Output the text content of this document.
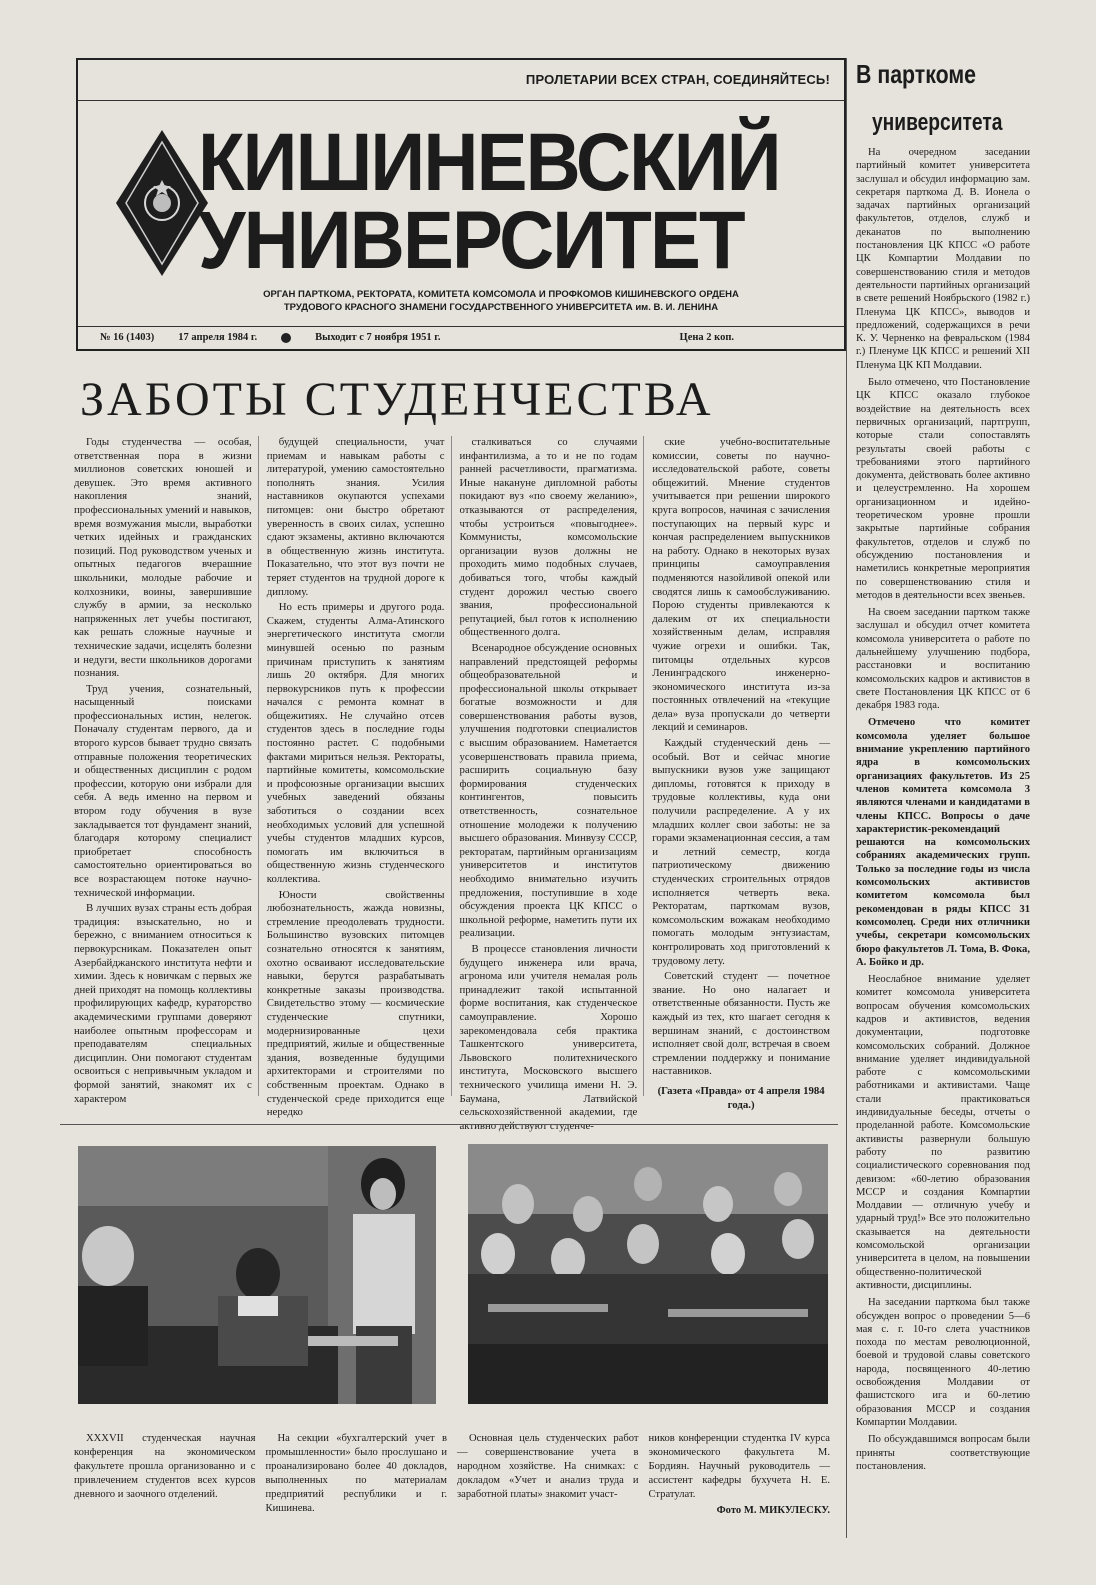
ПРОЛЕТАРИИ ВСЕХ СТРАН, СОЕДИНЯЙТЕСЬ!
КИШИНЕВСКИЙ
УНИВЕРСИТЕТ
ОРГАН ПАРТКОМА, РЕКТОРАТА, КОМИТЕТА КОМСОМОЛА И ПРОФКОМОВ КИШИНЕВСКОГО ОРДЕНА
ТРУДОВОГО КРАСНОГО ЗНАМЕНИ ГОСУДАРСТВЕННОГО УНИВЕРСИТЕТА им. В. И. ЛЕНИНА
№ 16 (1403) 17 апреля 1984 г.	Выходит с 7 ноября 1951 г.	Цена 2 коп.
ЗАБОТЫ СТУДЕНЧЕСТВА

Годы студенчества — особая, ответственная пора в жизни миллионов советских юношей и девушек. Это время активного накопления знаний, профессиональных умений и навыков, время возмужания мысли, выработки четких идейных и гражданских позиций. Под руководством ученых и опытных педагогов вчерашние школьники, молодые рабочие и колхозники, воины, завершившие службу в армии, за несколько напряженных лет учебы постигают, как решать сложные научные и технические задачи, исцелять болезни и недуги, вести школьников дорогами познания.

Труд учения, сознательный, насыщенный поисками профессиональных истин, нелегок. Поначалу студентам первого, да и второго курсов бывает трудно связать отправные положения теоретических и общественных дисциплин с родом профессии, которую они избрали для себя. А ведь именно на первом и втором году обучения в вузе закладывается тот фундамент знаний, благодаря которому специалист приобретает способность самостоятельно ориентироваться во все возрастающем потоке научно-технической информации.

В лучших вузах страны есть добрая традиция: взыскательно, но и бережно, с вниманием относиться к первокурсникам. Показателен опыт Азербайджанского института нефти и химии. Здесь к новичкам с первых же дней приходят на помощь коллективы профилирующих кафедр, кураторство академическими группами доверяют наиболее опытным профессорам и преподавателям специальных дисциплин. Они помогают студентам освоиться с непривычным укладом и формой занятий, знакомят их с характером

будущей специальности, учат приемам и навыкам работы с литературой, умению самостоятельно пополнять знания. Усилия наставников окупаются успехами питомцев: они быстро обретают уверенность в своих силах, успешно сдают экзамены, активно включаются в общественную жизнь института. Показательно, что этот вуз почти не теряет студентов на трудной дороге к диплому.

Но есть примеры и другого рода. Скажем, студенты Алма-Атинского энергетического института смогли минувшей осенью по разным причинам приступить к занятиям лишь 20 октября. Для многих первокурсников путь к профессии начался с ремонта комнат в общежитиях. Не случайно отсев студентов здесь в последние годы постоянно растет. С подобными фактами мириться нельзя. Ректораты, партийные комитеты, комсомольские и профсоюзные организации высших учебных заведений обязаны заботиться о создании всех необходимых условий для успешной учебы студентов младших курсов, помогать им включиться в общественную жизнь студенческого коллектива.

Юности свойственны любознательность, жажда новизны, стремление преодолевать трудности. Большинство вузовских питомцев сознательно относятся к занятиям, охотно осваивают исследовательские навыки, берутся разрабатывать конкретные заказы производства. Свидетельство этому — космические студенческие спутники, модернизированные цехи предприятий, жилые и общественные здания, возведенные будущими архитекторами и строителями по собственным проектам. Однако в студенческой среде приходится еще нередко

сталкиваться со случаями инфантилизма, а то и не по годам ранней расчетливости, прагматизма. Иные накануне дипломной работы покидают вуз «по своему желанию», отказываются от распределения, чтобы устроиться «повыгоднее». Коммунисты, комсомольские организации вузов должны не проходить мимо подобных случаев, добиваться того, чтобы каждый студент дорожил честью своего звания, профессиональной репутацией, был готов к исполнению общественного долга.

Всенародное обсуждение основных направлений предстоящей реформы общеобразовательной и профессиональной школы открывает богатые возможности и для совершенствования работы вузов, улучшения подготовки специалистов с высшим образованием. Наметается усовершенствовать правила приема, расширить социальную базу формирования студенческих контингентов, повысить ответственность, сознательное отношение молодежи к получению высшего образования. Минвузу СССР, ректоратам, партийным организациям университетов и институтов необходимо внимательно изучить предложения, поступившие в ходе обсуждения проекта ЦК КПСС о школьной реформе, наметить пути их реализации.

В процессе становления личности будущего инженера или врача, агронома или учителя немалая роль принадлежит такой испытанной форме воспитания, как студенческое самоуправление. Хорошо зарекомендовала себя практика Ташкентского университета, Львовского политехнического института, Московского высшего технического училища имени Н. Э. Баумана, Латвийской сельскохозяйственной академии, где активно действуют студенче-

ские учебно-воспитательные комиссии, советы по научно-исследовательской работе, советы общежитий. Мнение студентов учитывается при решении широкого круга вопросов, начиная с зачисления поступающих на первый курс и кончая распределением выпускников на работу. Однако в некоторых вузах принципы самоуправления подменяются назойливой опекой или сводятся лишь к самообслуживанию. Порою студенты привлекаются к далеким от их специальности хозяйственным делам, исправляя чужие огрехи и ошибки. Так, питомцы отдельных курсов Ленинградского инженерно-экономического института из-за постоянных отвлечений на «текущие дела» вуза пропускали до четверти лекций и семинаров.

Каждый студенческий день — особый. Вот и сейчас многие выпускники вузов уже защищают дипломы, готовятся к приходу в трудовые коллективы, куда они получили распределение. А у их младших коллег свои заботы: не за горами экзаменационная сессия, а там и летний семестр, когда патриотическому движению студенческих строительных отрядов исполняется четверть века. Ректоратам, парткомам вузов, комсомольским вожакам необходимо помогать молодым энтузиастам, контролировать ход приготовлений к трудовому лету.

Советский студент — почетное звание. Но оно налагает и ответственные обязанности. Пусть же каждый из тех, кто шагает сегодня к вершинам знаний, с достоинством исполняет свой долг, встречая в своем стремлении поддержку и понимание наставников.

(Газета «Правда» от 4 апреля 1984 года.)

XXXVII студенческая научная конференция на экономическом факультете прошла организованно и с привлечением студентов всех курсов дневного и заочного отделений.

На секции «бухгалтерский учет в промышленности» было прослушано и проанализировано более 40 докладов, выполненных по материалам предприятий республики и г. Кишинева.

Основная цель студенческих работ — совершенствование учета в народном хозяйстве. На снимках: с докладом «Учет и анализ труда и заработной платы» знакомит участ-

ников конференции студентка IV курса экономического факультета М. Бордиян. Научный руководитель — ассистент кафедры бухучета Н. Е. Стратулат.

Фото М. МИКУЛЕСКУ.
В парткоме
университета

На очередном заседании партийный комитет университета заслушал и обсудил информацию зам. секретаря парткома Д. В. Ионела о задачах партийных организаций факультетов, отделов, служб и деканатов по выполнению постановления ЦК КПСС «О работе ЦК Компартии Молдавии по совершенствованию стиля и методов деятельности партийных организаций в свете решений Ноябрьского (1982 г.) Пленума ЦК КПСС», выводов и предложений, содержащихся в речи К. У. Черненко на февральском (1984 г.) Пленуме ЦК КПСС и решений XII Пленума ЦК КП Молдавии.

Было отмечено, что Постановление ЦК КПСС оказало глубокое воздействие на деятельность всех первичных организаций, партгрупп, которые стали сопоставлять результаты своей работы с требованиями этого партийного документа, действовать более активно и целеустремленно. На хорошем организационном и идейно-теоретическом уровне прошли закрытые партийные собрания факультетов, отделов и служб по обсуждению постановления и наметились конкретные мероприятия по совершенствованию стиля и методов в деятельности всех звеньев.

На своем заседании партком также заслушал и обсудил отчет комитета комсомола университета о работе по дальнейшему улучшению подбора, расстановки и воспитанию комсомольских кадров и активистов в свете Постановления ЦК КПСС от 6 декабря 1983 года.

Отмечено что комитет комсомола уделяет большое внимание укреплению партийного ядра в комсомольских организациях факультетов. Из 25 членов комитета комсомола 3 являются членами и кандидатами в члены КПСС. Вопросы о даче характеристик-рекомендаций решаются на комсомольских собраниях академических групп. Только за последние годы из числа комсомольских активистов комитетом комсомола был рекомендован в ряды КПСС 31 комсомолец. Среди них отличники учебы, секретари комсомольских бюро факультетов Л. Тома, В. Фока, А. Бойко и др.

Неослабное внимание уделяет комитет комсомола университета вопросам обучения комсомольских кадров и активистов, ведения документации, подготовке комсомольских собраний. Должное внимание уделяет индивидуальной работе с комсомольскими работниками и активистами. Чаще стали практиковаться индивидуальные беседы, отчеты о проделанной работе. Комсомольские активисты развернули большую работу по развитию социалистического соревнования под девизом: «60-летию образования МССР и создания Компартии Молдавии — отличную учебу и ударный труд!» Все это положительно сказывается на деятельности комсомольской организации университета в целом, на повышении общественно-политической активности, дисциплины.

На заседании парткома был также обсужден вопрос о проведении 5—6 мая с. г. 10-го слета участников похода по местам революционной, боевой и трудовой славы советского народа, посвященного 40-летию освобождения Молдавии от фашистского ига и 60-летию образования МССР и создания Компартии Молдавии.

По обсуждавшимся вопросам были приняты соответствующие постановления.
